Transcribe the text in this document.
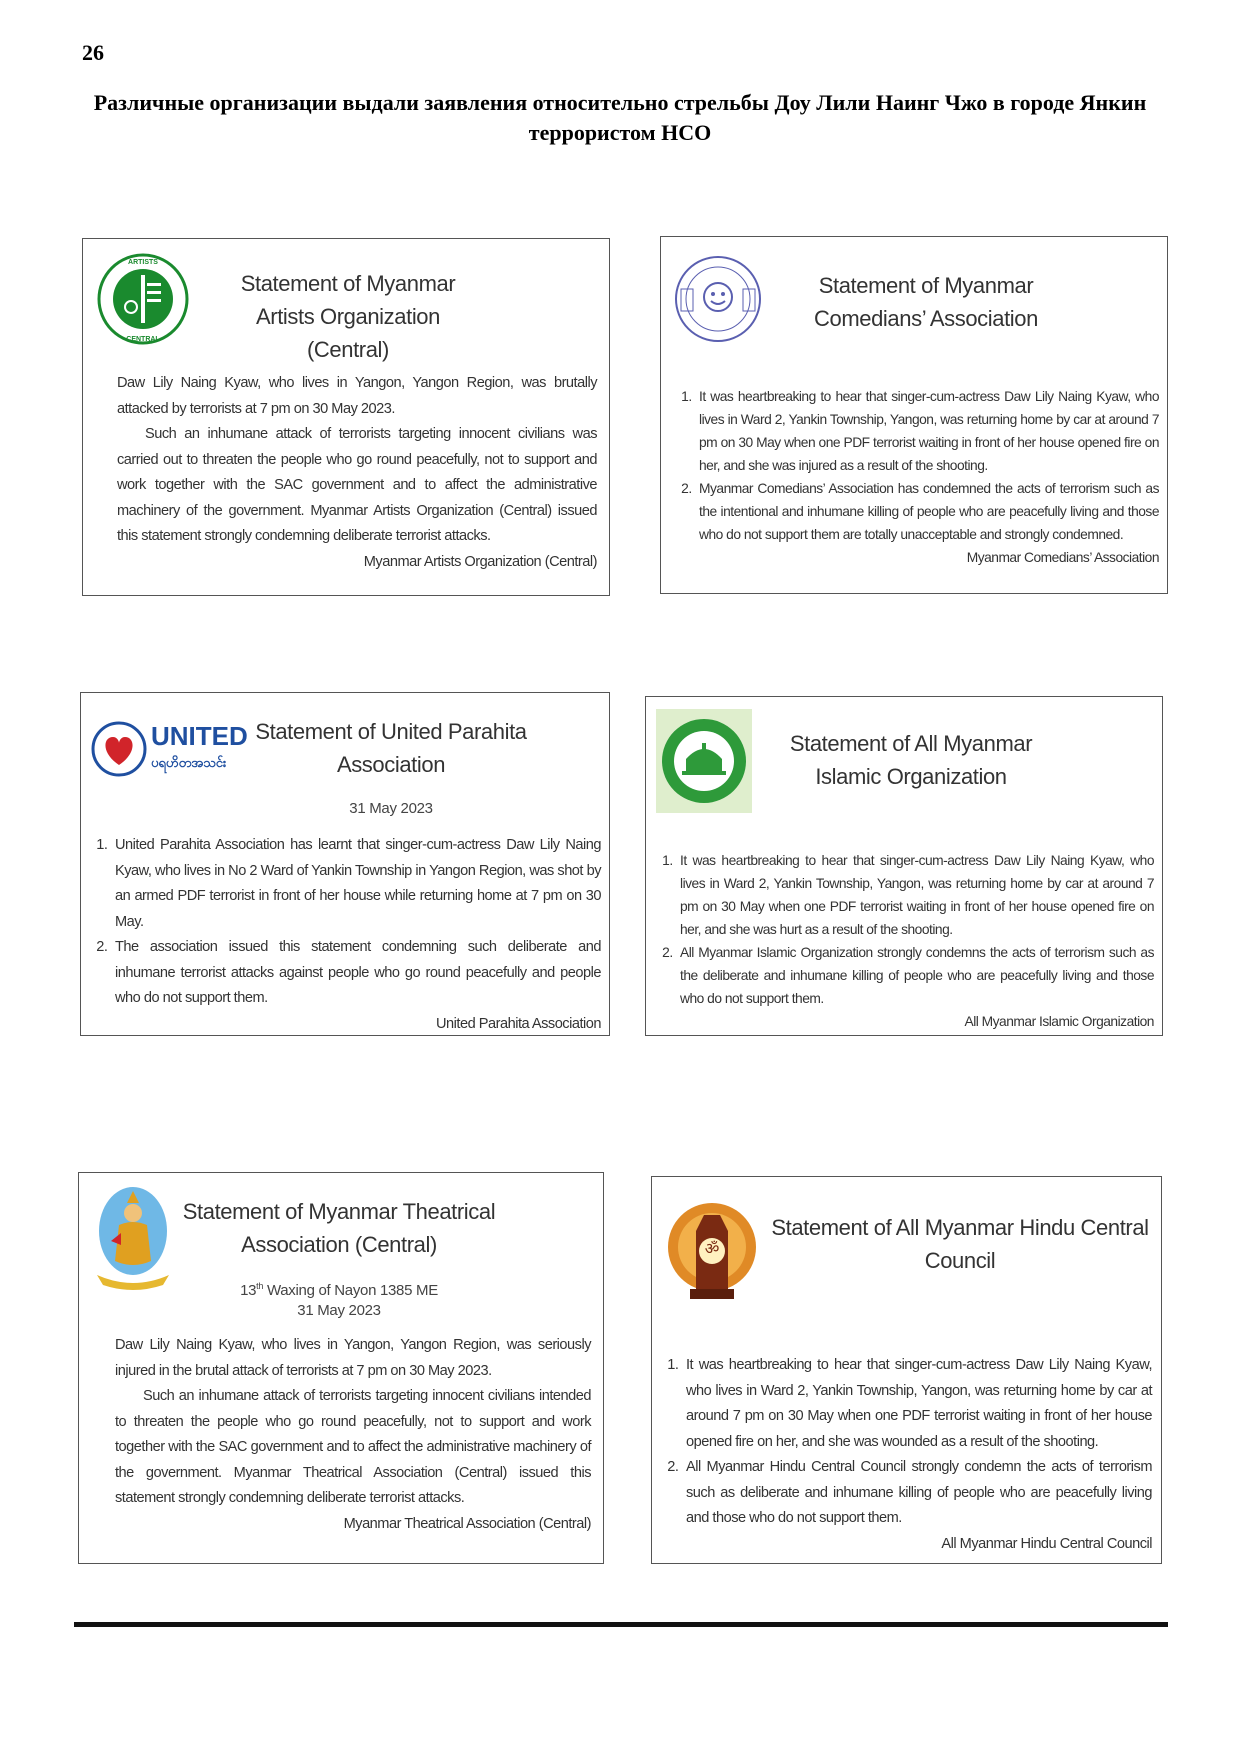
26
Различные организации выдали заявления относительно стрельбы Доу Лили Наинг Чжо в городе Янкин террористом НСО
ARTISTS
CENTRAL
Statement of Myanmar Artists Organization (Central)

Daw Lily Naing Kyaw, who lives in Yangon, Yangon Region, was brutally attacked by terrorists at 7 pm on 30 May 2023.

Such an inhumane attack of terrorists targeting innocent civilians was carried out to threaten the people who go round peacefully, not to support and work together with the SAC government and to affect the administrative machinery of the government. Myanmar Artists Organization (Central) issued this statement strongly condemning deliberate terrorist attacks.

Myanmar Artists Organization (Central)

Statement of Myanmar Comedians’ Association
1. It was heartbreaking to hear that singer-cum-actress Daw Lily Naing Kyaw, who lives in Ward 2, Yankin Township, Yangon, was returning home by car at around 7 pm on 30 May when one PDF terrorist waiting in front of her house opened fire on her, and she was injured as a result of the shooting.
2. Myanmar Comedians’ Association has condemned the acts of terrorism such as the intentional and inhumane killing of people who are peacefully living and those who do not support them are totally unacceptable and strongly condemned.

Myanmar Comedians’ Association

UNITED
ပရဟိတအသင်း
Statement of United Parahita Association
31 May 2023
1. United Parahita Association has learnt that singer-cum-actress Daw Lily Naing Kyaw, who lives in No 2 Ward of Yankin Township in Yangon Region, was shot by an armed PDF terrorist in front of her house while returning home at 7 pm on 30 May.
2. The association issued this statement condemning such deliberate and inhumane terrorist attacks against people who go round peacefully and people who do not support them.

United Parahita Association

Statement of All Myanmar Islamic Organization
1. It was heartbreaking to hear that singer-cum-actress Daw Lily Naing Kyaw, who lives in Ward 2, Yankin Township, Yangon, was returning home by car at around 7 pm on 30 May when one PDF terrorist waiting in front of her house opened fire on her, and she was hurt as a result of the shooting.
2. All Myanmar Islamic Organization strongly condemns the acts of terrorism such as the deliberate and inhumane killing of people who are peacefully living and those who do not support them.

All Myanmar Islamic Organization

Statement of Myanmar Theatrical Association (Central)
13th Waxing of Nayon 1385 ME
31 May 2023

Daw Lily Naing Kyaw, who lives in Yangon, Yangon Region, was seriously injured in the brutal attack of terrorists at 7 pm on 30 May 2023.

Such an inhumane attack of terrorists targeting innocent civilians intended to threaten the people who go round peacefully, not to support and work together with the SAC government and to affect the administrative machinery of the government. Myanmar Theatrical Association (Central) issued this statement strongly condemning deliberate terrorist attacks.

Myanmar Theatrical Association (Central)

ॐ
Statement of All Myanmar Hindu Central Council
1. It was heartbreaking to hear that singer-cum-actress Daw Lily Naing Kyaw, who lives in Ward 2, Yankin Township, Yangon, was returning home by car at around 7 pm on 30 May when one PDF terrorist waiting in front of her house opened fire on her, and she was wounded as a result of the shooting.
2. All Myanmar Hindu Central Council strongly condemn the acts of terrorism such as deliberate and inhumane killing of people who are peacefully living and those who do not support them.

All Myanmar Hindu Central Council
